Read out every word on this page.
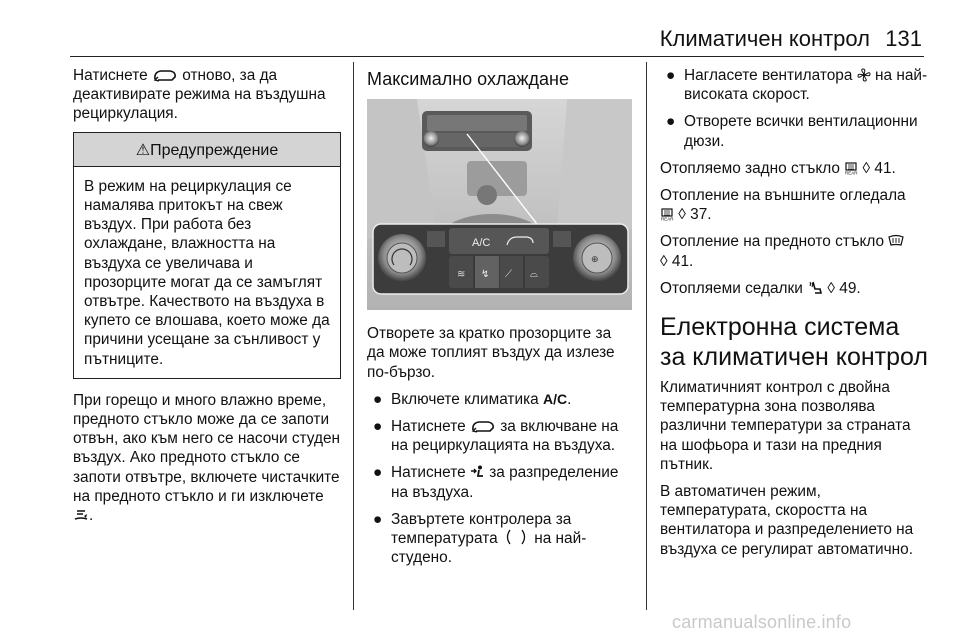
Климатичен контрол 131

Натиснете отново, за да деактивирате режима на въздушна рециркулация.

⚠Предупреждение
В режим на рециркулация се намалява притокът на свеж въздух. При работа без охлаждане, влажността на въздуха се увеличава и прозорците могат да се замъглят отвътре. Качеството на въздуха в купето се влошава, което може да причини усещане за сънливост у пътниците.

При горещо и много влажно време, предното стъкло може да се запоти отвън, ако към него се насочи студен въздух. Ако предното стъкло се запоти отвътре, включете чистачките на предното стъкло и ги изключете
.

Максимално охлаждане
A/C
≋ ↯ ⟋ ⌓
⊕

Отворете за кратко прозорците за да може топлият въздух да излезе по-бързо.

● Включете климатика A/C.
● Натиснете за включване на на рециркулацията на въздуха.
● Натиснете за разпределение на въздуха.
● Завъртете контролера за температурата на най-студено.
● Нагласете вентилатора на най-високата скорост.
● Отворете всички вентилационни дюзи.

Отопляемо задно стъкло REAR ◊ 41.

Отопление на външните огледала

REAR ◊ 37.

Отопление на предното стъкло

◊ 41.

Отопляеми седалки ◊ 49.

Електронна система за климатичен контрол

Климатичният контрол с двойна температурна зона позволява различни температури за страната на шофьора и тази на предния пътник.

В автоматичен режим, температурата, скоростта на вентилатора и разпределението на въздуха се регулират автоматично.

carmanualsonline.info
